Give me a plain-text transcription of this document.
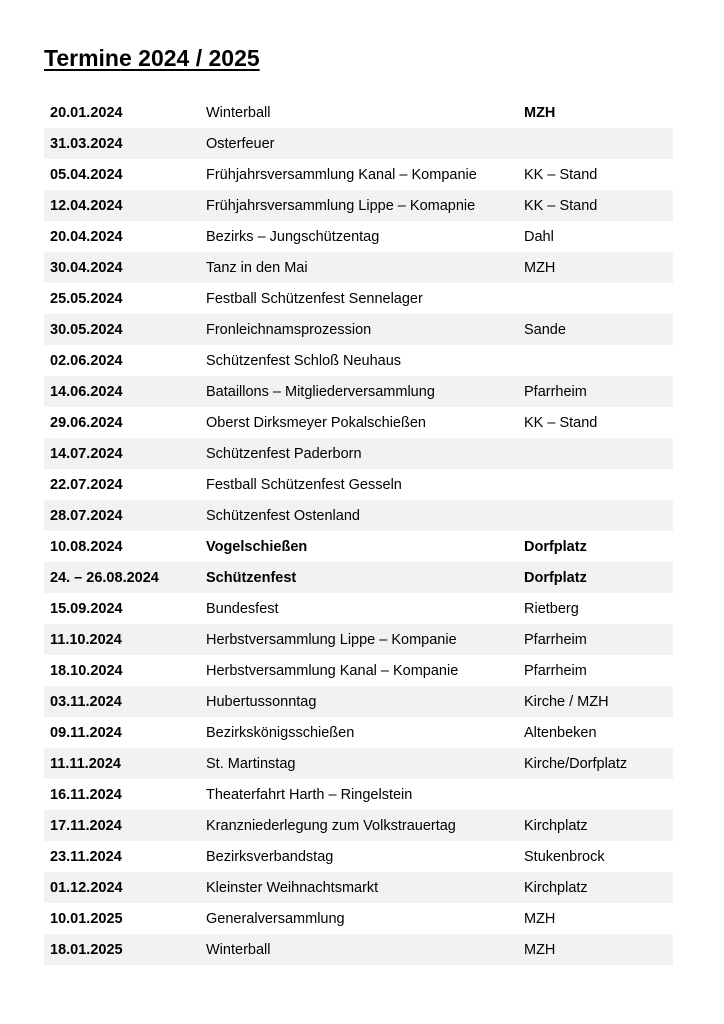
Termine 2024 / 2025
20.01.2024	Winterball	MZH
31.03.2024	Osterfeuer
05.04.2024	Frühjahrsversammlung Kanal – Kompanie	KK – Stand
12.04.2024	Frühjahrsversammlung Lippe – Komapnie	KK – Stand
20.04.2024	Bezirks – Jungschützentag	Dahl
30.04.2024	Tanz in den Mai	MZH
25.05.2024	Festball Schützenfest Sennelager
30.05.2024	Fronleichnamsprozession	Sande
02.06.2024	Schützenfest Schloß Neuhaus
14.06.2024	Bataillons – Mitgliederversammlung	Pfarrheim
29.06.2024	Oberst Dirksmeyer Pokalschießen	KK – Stand
14.07.2024	Schützenfest Paderborn
22.07.2024	Festball Schützenfest Gesseln
28.07.2024	Schützenfest Ostenland
10.08.2024	Vogelschießen	Dorfplatz
24. – 26.08.2024	Schützenfest	Dorfplatz
15.09.2024	Bundesfest	Rietberg
11.10.2024	Herbstversammlung Lippe – Kompanie	Pfarrheim
18.10.2024	Herbstversammlung Kanal – Kompanie	Pfarrheim
03.11.2024	Hubertussonntag	Kirche / MZH
09.11.2024	Bezirkskönigsschießen	Altenbeken
11.11.2024	St. Martinstag	Kirche/Dorfplatz
16.11.2024	Theaterfahrt Harth – Ringelstein
17.11.2024	Kranzniederlegung zum Volkstrauertag	Kirchplatz
23.11.2024	Bezirksverbandstag	Stukenbrock
01.12.2024	Kleinster Weihnachtsmarkt	Kirchplatz
10.01.2025	Generalversammlung	MZH
18.01.2025	Winterball	MZH
